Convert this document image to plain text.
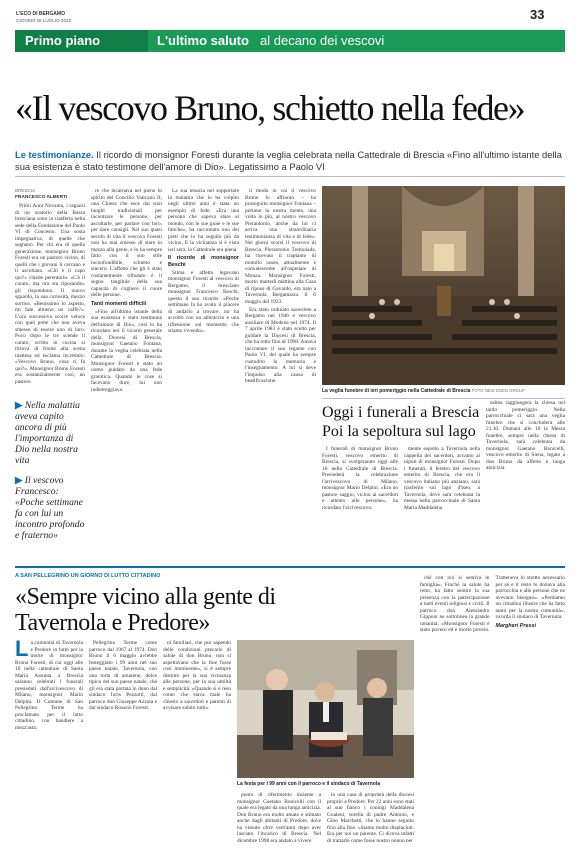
L'ECO DI BERGAMO
GIOVEDÌ 28 LUGLIO 2022	33
Primo piano	L'ultimo saluto al decano dei vescovi
«Il vescovo Bruno, schietto nella fede»
Le testimonianze. Il ricordo di monsignor Foresti durante la veglia celebrata nella Cattedrale di Brescia «Fino all'ultimo istante della sua esistenza è stato testimone dell'amore di Dio». Legatissimo a Paolo VI
BRESCIA
FRANCESCO ALBERTI

Primi Anni Novanta, i ragazzi di un oratorio della Bassa bresciana sono in trasferta nella sede della Fondazione del Paolo VI di Concesio. Una sosta impegnativa, di quelle che segnano. Per chi era di quella generazione, monsignor Bruno Foresti era un pastore vicino, di quelli che i giovani li cercano e li ascoltano. «Chi è il capo qui?» chiede perentorio. «C'è il curato, ma ora sta riposando» gli rispondono. Il nuovo sguardo, la sua curiosità, mezzo sorriso. «Benissimo lo aspetto, mi fate almeno un caffè?». L'ora successiva scorre veloce con quel prete che non aveva smesso di essere uno di loro. Poco dopo le tre scende il curato, scritto in cucina si ritrova di fronte alla scena inattesa ed esclama incredulo: «Vescovo Bruno, cosa ci fa qui?». Monsignor Bruno Foresti era sostanzialmente così, un pastore.

re che incarnava nel pieno lo spirito del Concilio Vaticano II, una Chiesa che esce dai suoi luoghi tradizionali per incontrare le persone, per ascoltarle, per parlare con loro, per dare consigli. Nel suo quasi secolo di vita il vescovo Foresti non ha mai smesso di stare in mezzo alla gente, e lo ha sempre fatto con il suo stile inconfondibile, schietto e sincero. L'affetto che gli è stato costantemente tributato è il segno tangibile della sua capacità di cogliere il cuore delle persone.

Tanti momenti difficili

«Fino all'ultimo istante della sua esistenza è stato testimone dell'amore di Dio», così lo ha ricordato ieri il vicario generale della Diocesi di Brescia, monsignor Gaetano Fontana, durante la veglia celebrata nella Cattedrale di Brescia. Monsignor Foresti è stato un uomo guidato da una fede granitica. Quando le cose si facevano dure, lui non indietreggiava.

La sua tenacia nel sopportare la malattia che lo ha colpito negli ultimi anni è stata un esempio di fede. «Era una persona che sapeva stare al mondo, con le sue gioie e le sue fatiche», ha raccontato uno dei preti che lo ha seguito più da vicino. E la vicinanza si è vista ieri sera, la Cattedrale era piena.

Il ricordo di monsignor Beschi

Stima e affetto legavano monsignor Foresti al vescovo di Bergamo, il bresciano monsignor Francesco Beschi, questo il suo ricordo: «Poche settimane fa ho avuto il piacere di andarlo a trovare, mi ha accolto con un abbraccio e una riflessione sul momento che stiamo vivendo».

il modo in cui il vescovo Bruno lo affrontò – ha proseguito monsignor Fontana – portano la nostra mente, una volta in più, al nostro vescovo Pierantonio, anche da lui ci arriva una straordinaria testimonianza di vita e di fede». Nei giorni scorsi il vescovo di Brescia, Pierantonio Tremolada, ha ricevuto il trapianto di midollo osseo, attualmente è convalescente all'ospedale di Monza. Monsignor Foresti, morto martedì mattina alla Casa di riposo di Gavardo, era nato a Tavernola Bergamasca il 6 maggio del 1923.

Era stato ordinato sacerdote a Bergamo nel 1946 e vescovo ausiliare di Modena nel 1974. Il 7 aprile 1983 è stato scelto per guidare la Diocesi di Brescia, che ha retto fino al 1998. Amava raccontare il suo legame con Paolo VI, del quale ha sempre custodito la memoria e l'insegnamento. A lui si deve l'impulso alla causa di beatificazione.

▶ Nella malattia aveva capito ancora di più l'importanza di Dio nella nostra vita
▶ Il vescovo Francesco: «Poche settimane fa con lui un incontro profondo e fraterno»
La veglia funebre di ieri pomeriggio nella Cattedrale di Brescia FOTO NEW EDEN GROUP
Oggi i funerali a Brescia
Poi la sepoltura sul lago

I funerali di monsignor Bruno Foresti, vescovo emerito di Brescia, si svolgeranno oggi alle 16 nella Cattedrale di Brescia. Presiederà la celebrazione l'arcivescovo di Milano, monsignor Mario Delpini. «Era un pastore saggio, vicino ai sacerdoti e attento alle persone», ha ricordato l'arcivescovo.

mente sepolto a Tavernola nella cappella dei sacerdoti, accanto ai nipoti di monsignor Foresti. Dopo i funerali, il feretro del vescovo emerito di Brescia, che era il vescovo italiano più anziano, sarà trasferito sul lago d'Iseo, a Tavernola, dove sarà celebrata la messa nella parrocchiale di Santa Maria Maddalena.

salma raggiungerà la chiesa nel tardo pomeriggio. Nella parrocchiale ci sarà una veglia funebre che si concluderà alle 21.30. Domani alle 10 la Messa funebre, sempre nella chiesa di Tavernola, sarà celebrata da monsignor Gaetano Bonicelli, vescovo emerito di Siena, legato a don Bruno da affetto e lunga amicizia.

A SAN PELLEGRINO UN GIORNO DI LUTTO CITTADINO
«Sempre vicino alla gente di Tavernola e Predore»

La comunità di Tavernola e Predore in lutto per la morte di monsignor Bruno Foresti, di cui oggi alle 16 nella cattedrale di Santa Maria Assunta a Brescia saranno celebrati i funerali presieduti dall'arcivescovo di Milano, monsignor Mario Delpini. Il Comune di San Pellegrino Terme ha proclamato per il lutto cittadino, con bandiere a mezz'asta.

Pellegrino Terme come parroco dal 1967 al 1974. Don Bruno il 6 maggio avrebbe festeggiato i 99 anni nel suo paese natale, Tavernola, con una torta di amarene, dolce tipico del suo paese natale, che gli era stata portata in dono dal sindaco Ioris Pezzotti, dal parroco don Giuseppe Azzola e dal sindaco Rosario Foresti.

ni familiari, che pur sapendo delle condizioni precarie di salute di don Bruno, non si aspettavano che la fine fosse così imminente», si è sempre distinto per la sua vicinanza alle persone, per la sua umiltà e semplicità. «Quando si è reso conto che stava male ha chiesto a sacerdoti e parenti di avvisare subito tutti».

La festa per i 99 anni con il parroco e il sindaco di Tavernola

punto di riferimento insieme a monsignor Gaetano Bonicelli con il quale era legato da una lunga amicizia. Don Bruno era molto amato e stimato anche dagli abitanti di Predore, dove ha vissuto oltre vent'anni dopo aver lasciato l'incarico di Brescia. Nel dicembre 1998 era andato a vivere

in una casa di proprietà della diocesi proprio a Predore. Per 22 anni sono stati al suo fianco i coniugi Maddalena Gualeni, sorella di padre Antonio, e Gino Marchetti, che lo hanno seguito fino alla fine. «Siamo molto dispiaciuti. Era per noi un parente. Ci diceva infatti di trattarlo come fosse nostro nonno per

ché con noi si sentiva in famiglia». Finché la salute ha retto, ha fatto sentire la sua presenza con la partecipazione a tanti eventi religiosi e civili. Il parroco don Alessandro Gipponi ne sottolinea la grande umanità: «Monsignor Foresti è stato povero ed è morto povero. Tratteneva lo stretto necessario per sé e il resto lo donava alla parrocchia e alle persone che ne avevano bisogno». «Perdiamo un cittadino illustre che ha fatto tanto per la nostra comunità», ricorda il sindaco di Tavernola.

Margheri Pressi
